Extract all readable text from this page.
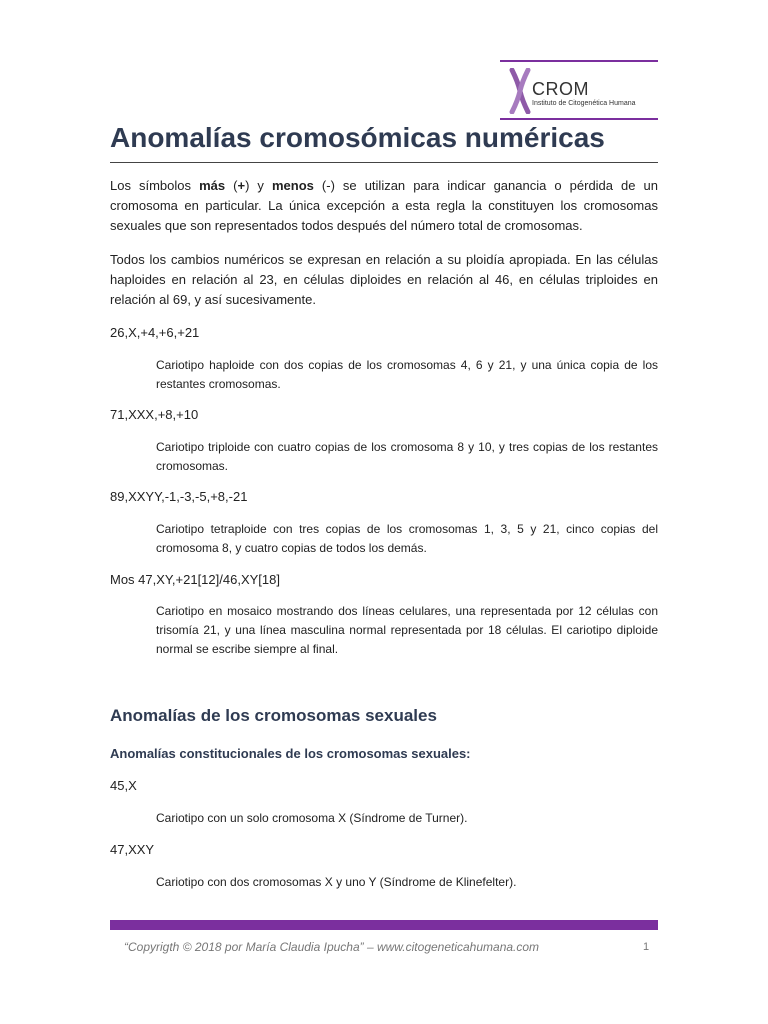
CROM
Instituto de Citogenética Humana
Anomalías cromosómicas numéricas

Los símbolos más (+) y menos (-) se utilizan para indicar ganancia o pérdida de un cromosoma en particular. La única excepción a esta regla la constituyen los cromosomas sexuales que son representados todos después del número total de cromosomas.

Todos los cambios numéricos se expresan en relación a su ploidía apropiada. En las células haploides en relación al 23, en células diploides en relación al 46, en células triploides en relación al 69, y así sucesivamente.

26,X,+4,+6,+21

Cariotipo haploide con dos copias de los cromosomas 4, 6 y 21, y una única copia de los restantes cromosomas.

71,XXX,+8,+10

Cariotipo triploide con cuatro copias de los cromosoma 8 y 10, y tres copias de los restantes cromosomas.

89,XXYY,-1,-3,-5,+8,-21

Cariotipo tetraploide con tres copias de los cromosomas 1, 3, 5 y 21, cinco copias del cromosoma 8, y cuatro copias de todos los demás.

Mos 47,XY,+21[12]/46,XY[18]

Cariotipo en mosaico mostrando dos líneas celulares, una representada por 12 células con trisomía 21, y una línea masculina normal representada por 18 células. El cariotipo diploide normal se escribe siempre al final.

Anomalías de los cromosomas sexuales
Anomalías constitucionales de los cromosomas sexuales:

45,X

Cariotipo con un solo cromosoma X (Síndrome de Turner).

47,XXY

Cariotipo con dos cromosomas X y uno Y (Síndrome de Klinefelter).

“Copyrigth © 2018 por María Claudia Ipucha” – www.citogeneticahumana.com	1
